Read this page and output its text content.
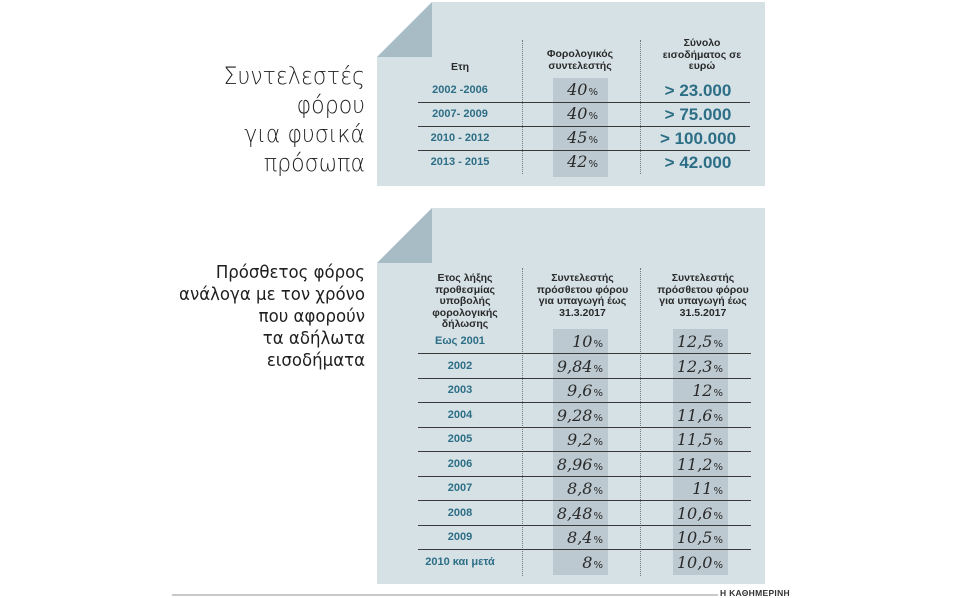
Συντελεστές
φόρου
για φυσικά
πρόσωπα
Ετη
Φορολογικός συντελεστής
Σύνολο εισοδήματος σε ευρώ
2002 -2006	40%	> 23.000
2007- 2009	40%	> 75.000
2010 - 2012	45%	> 100.000
2013 - 2015	42%	> 42.000
Πρόσθετος φόρος
ανάλογα με τον χρόνο
που αφορούν
τα αδήλωτα
εισοδήματα
Ετος λήξης προθεσμίας υποβολής φορολογικής δήλωσης
Συντελεστής πρόσθετου φόρου για υπαγωγή έως 31.3.2017
Συντελεστής πρόσθετου φόρου για υπαγωγή έως 31.5.2017
Εως 2001	10%	12,5%
2002	9,84%	12,3%
2003	9,6%	12%
2004	9,28%	11,6%
2005	9,2%	11,5%
2006	8,96%	11,2%
2007	8,8%	11%
2008	8,48%	10,6%
2009	8,4%	10,5%
2010 και μετά	8%	10,0%
Η ΚΑΘΗΜΕΡΙΝΗ
